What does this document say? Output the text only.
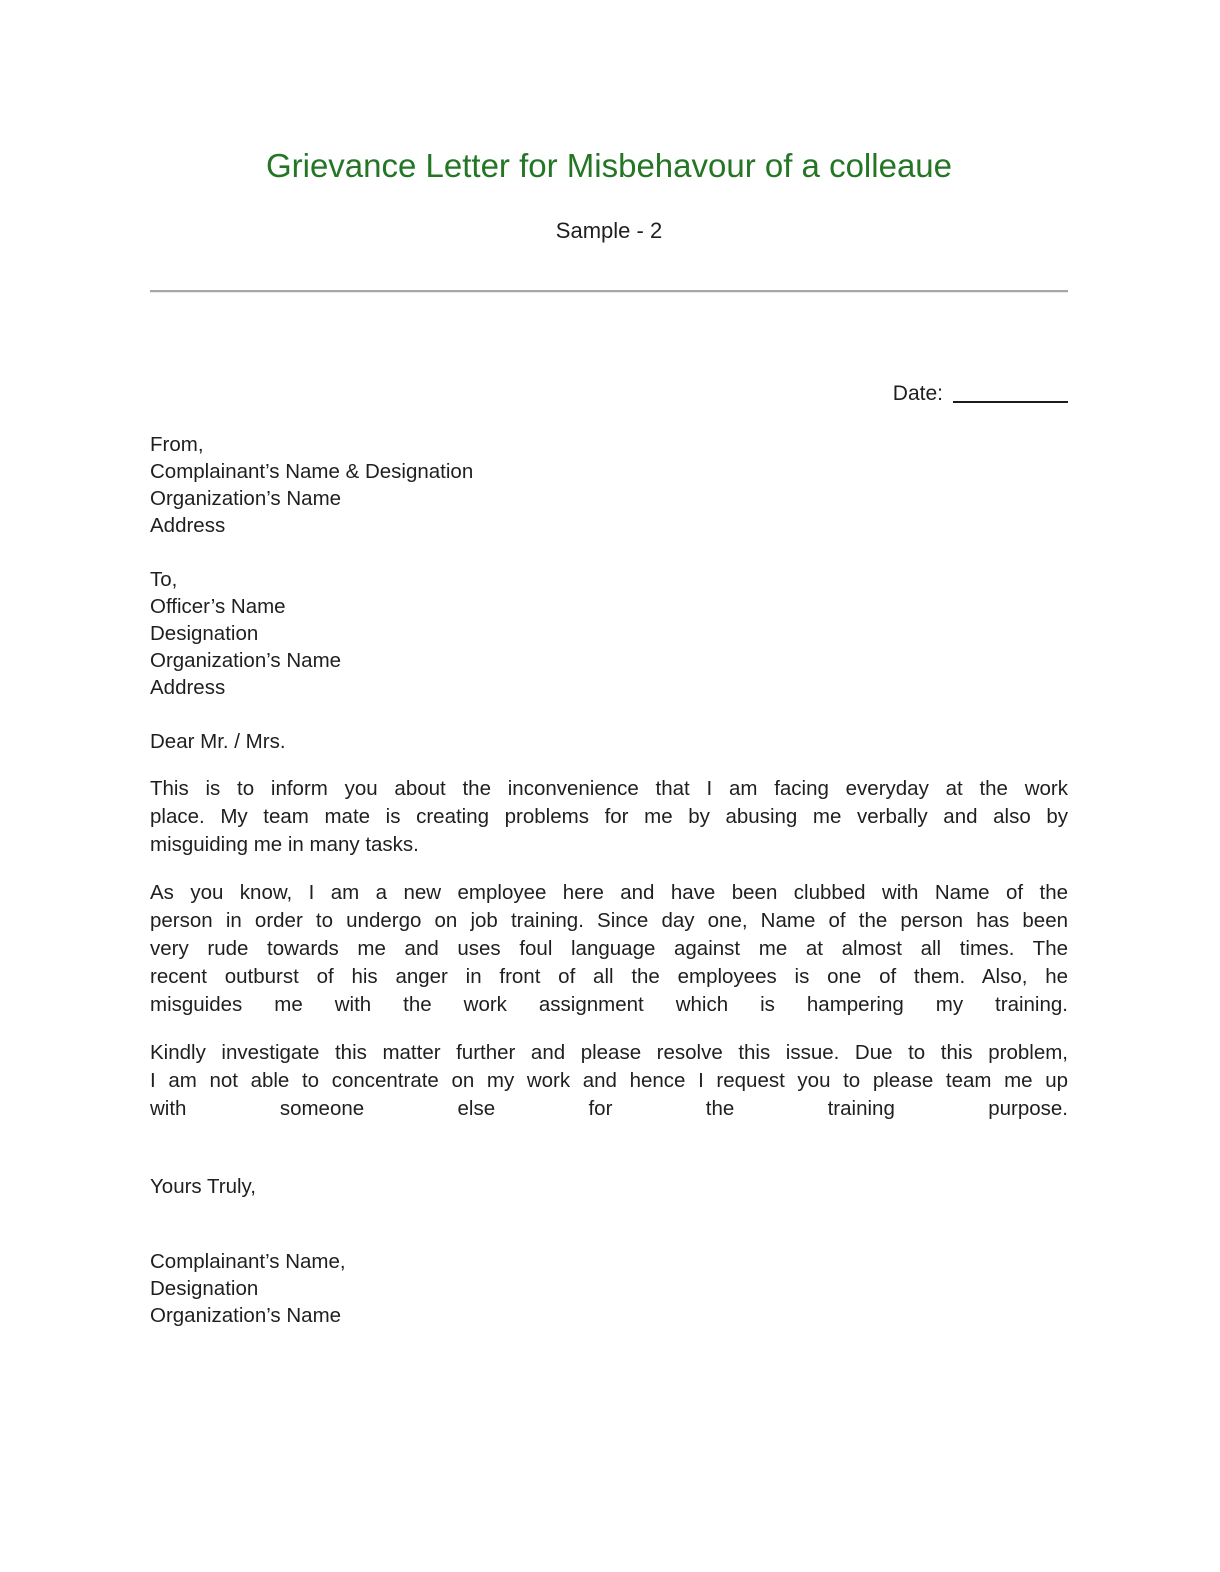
Grievance Letter for Misbehavour of a colleaue
Sample - 2
Date:
From,
Complainant’s Name & Designation
Organization’s Name
Address
To,
Officer’s Name
Designation
Organization’s Name
Address
Dear Mr. / Mrs.
This is to inform you about the inconvenience that I am facing everyday at the work
place. My team mate is creating problems for me by abusing me verbally and also by
misguiding me in many tasks.
As you know, I am a new employee here and have been clubbed with Name of the
person in order to undergo on job training. Since day one, Name of the person has been
very rude towards me and uses foul language against me at almost all times. The
recent outburst of his anger in front of all the employees is one of them. Also, he
misguides me with the work assignment which is hampering my training.
Kindly investigate this matter further and please resolve this issue. Due to this problem,
I am not able to concentrate on my work and hence I request you to please team me up
with someone else for the training purpose.
Yours Truly,
Complainant’s Name,
Designation
Organization’s Name
